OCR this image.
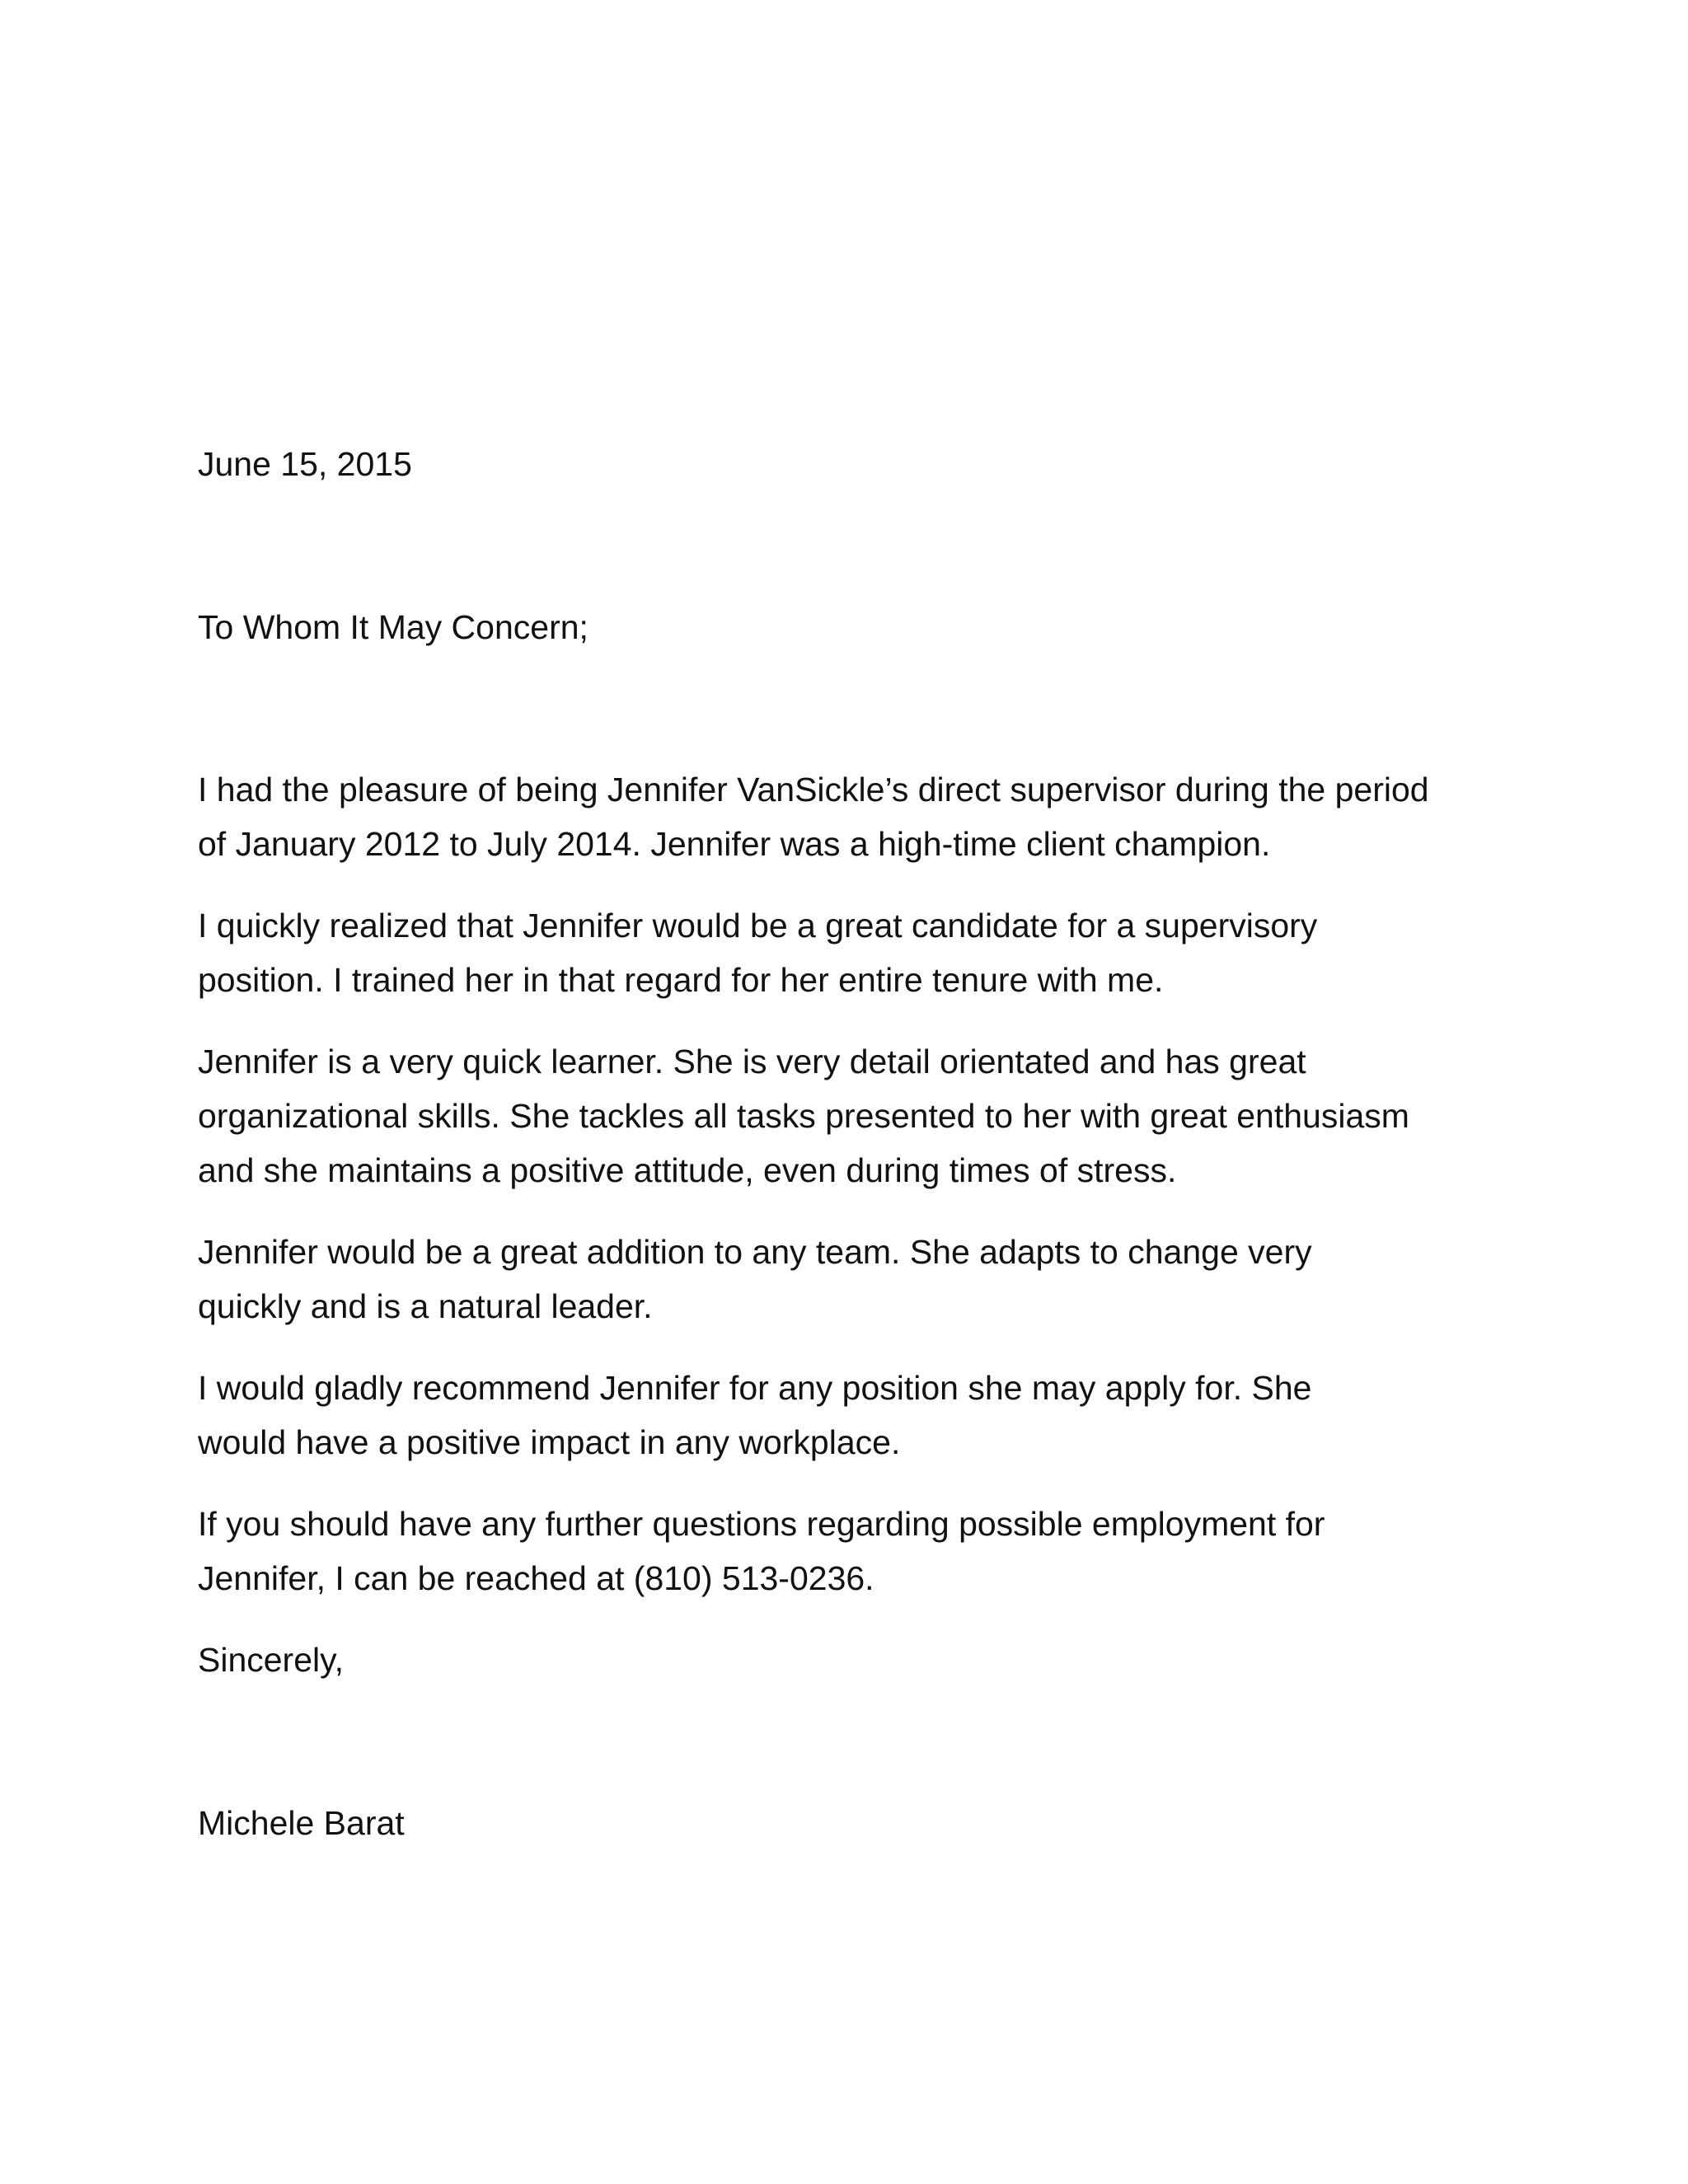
June 15, 2015

To Whom It May Concern;

I had the pleasure of being Jennifer VanSickle’s direct supervisor during the period
of January 2012 to July 2014. Jennifer was a high-time client champion.

I quickly realized that Jennifer would be a great candidate for a supervisory
position. I trained her in that regard for her entire tenure with me.

Jennifer is a very quick learner. She is very detail orientated and has great
organizational skills. She tackles all tasks presented to her with great enthusiasm
and she maintains a positive attitude, even during times of stress.

Jennifer would be a great addition to any team. She adapts to change very
quickly and is a natural leader.

I would gladly recommend Jennifer for any position she may apply for. She
would have a positive impact in any workplace.

If you should have any further questions regarding possible employment for
Jennifer, I can be reached at (810) 513-0236.

Sincerely,

Michele Barat
